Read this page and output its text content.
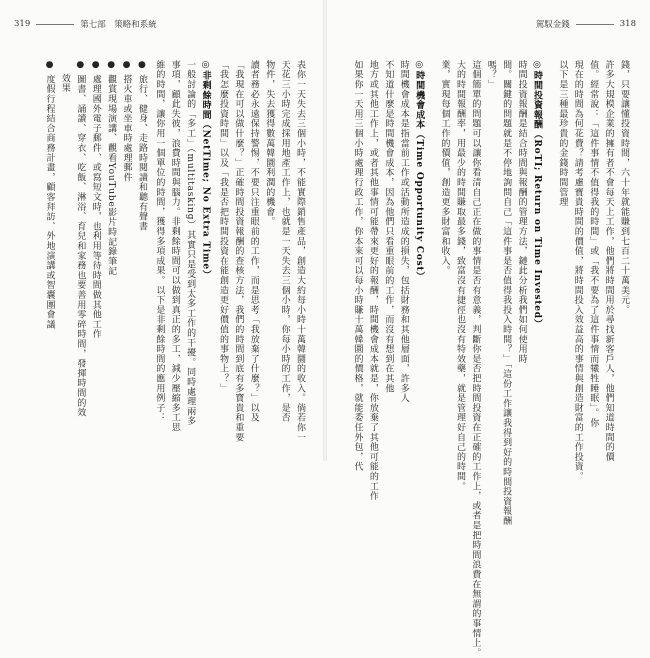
319	第七部　策略和系統	駕馭金錢	318
表你一天失去三個小時，不能實際銷售產品，創造大約每小時十萬韓圜的收入。倘若你一
天花三小時完成採用地產工作上，也就是一天失去三個小時，你每小時的工作，是否
物件，失去獲得數萬韓圜利潤的機會。
讀者務必永遠保持警惕，不要只注重眼前的工作，而是思考「我放棄了什麼？」以及
「我現在可以做什麼？」正確時間投資報酬的查核方法，我們的時間到底有多寶貴和重要
「我怎麼投資時間」以及「我是否把時間投資在能創造更好價值的事物上？」
◎非剩餘時間（NetTime; No Extra Time）
一般討論的「多工」（multitasking）其實只是受到太多工作的干擾。同時處理兩多
事項，顧此失彼，浪費時間與腦力。非剩餘時間可以做到真正的多工，減少壓縮多工思
維的時間，讓你用一個單位的時間，獲得多項成果。以下是非剩餘時間的應用例子：
● 旅行、健身、走路時閱讀和聽有聲書
● 搭火車或坐車時處理郵件
● 觀賞現場演講、觀看YouTube影片時記錄筆記
● 處理國外電子郵件、或寫短文時，也利用等待時間做其他工作
● 圖書、誦讀、穿衣、吃飯、淋浴、育兒和家務也要善用零碎時間，發揮時間的效
　 效果
● 度假行程結合商務計畫，顧客拜訪、外地演講或智囊團會議	錢，只要讓懂投資時間，六十年就能賺到七百二十萬美元。
許多大規模企業的擁有者不會每天上工作，他們將時間用於尋找新客戶人，他們知道時間的價
值。經常說：「這件事情不值得我的時間」或「我不要為了這件事情而犧牲睡眠」。你
現在的時間為何花費？請考慮寶貴時間的價值，將時間投入效益高的事情與創造財富的工作投資。
以下是三種最珍貴的金錢時間管理
◎時間投資報酬（RoTI; Return on Time Invested）
時間投資報酬是結合時間與報酬的管理方法，鏈此分析我們如何使用時
間。關鍵的問題就是不停地詢問自己「這件事是否值得我投入時間？」「這份工作讓我得到好的時間投資報酬
嗎？」
這個簡單的問題可以讓你看清自己正在做的事情是否有意義，判斷你是否把時間投資在正確的工作上，或者是把時間浪費在無謂的事情上。
大的時間報酬率，用最少的時間賺取最多錢，致富沒有捷徑也沒有特效藥，就是管理好自己的時間。
業，實現每個工作的價值，創造更多財富和收入。
◎時間機會成本（Time Opportunity Cost）
時間機會成本是指當前工作或活動所造成的損失，包括財務和其他層面，許多人
不知道什麼是時間機會成本，因為他們只看重眼前的工作，而沒有想到在其他
地方或其他工作上，或者其他事情可能帶來更好的報酬，時間機會成本就是，你放棄了其他可能的工作
如果你一天用三個小時處理行政工作，你本來可以每小時賺十萬韓圜的價格，就能委任外包，代
